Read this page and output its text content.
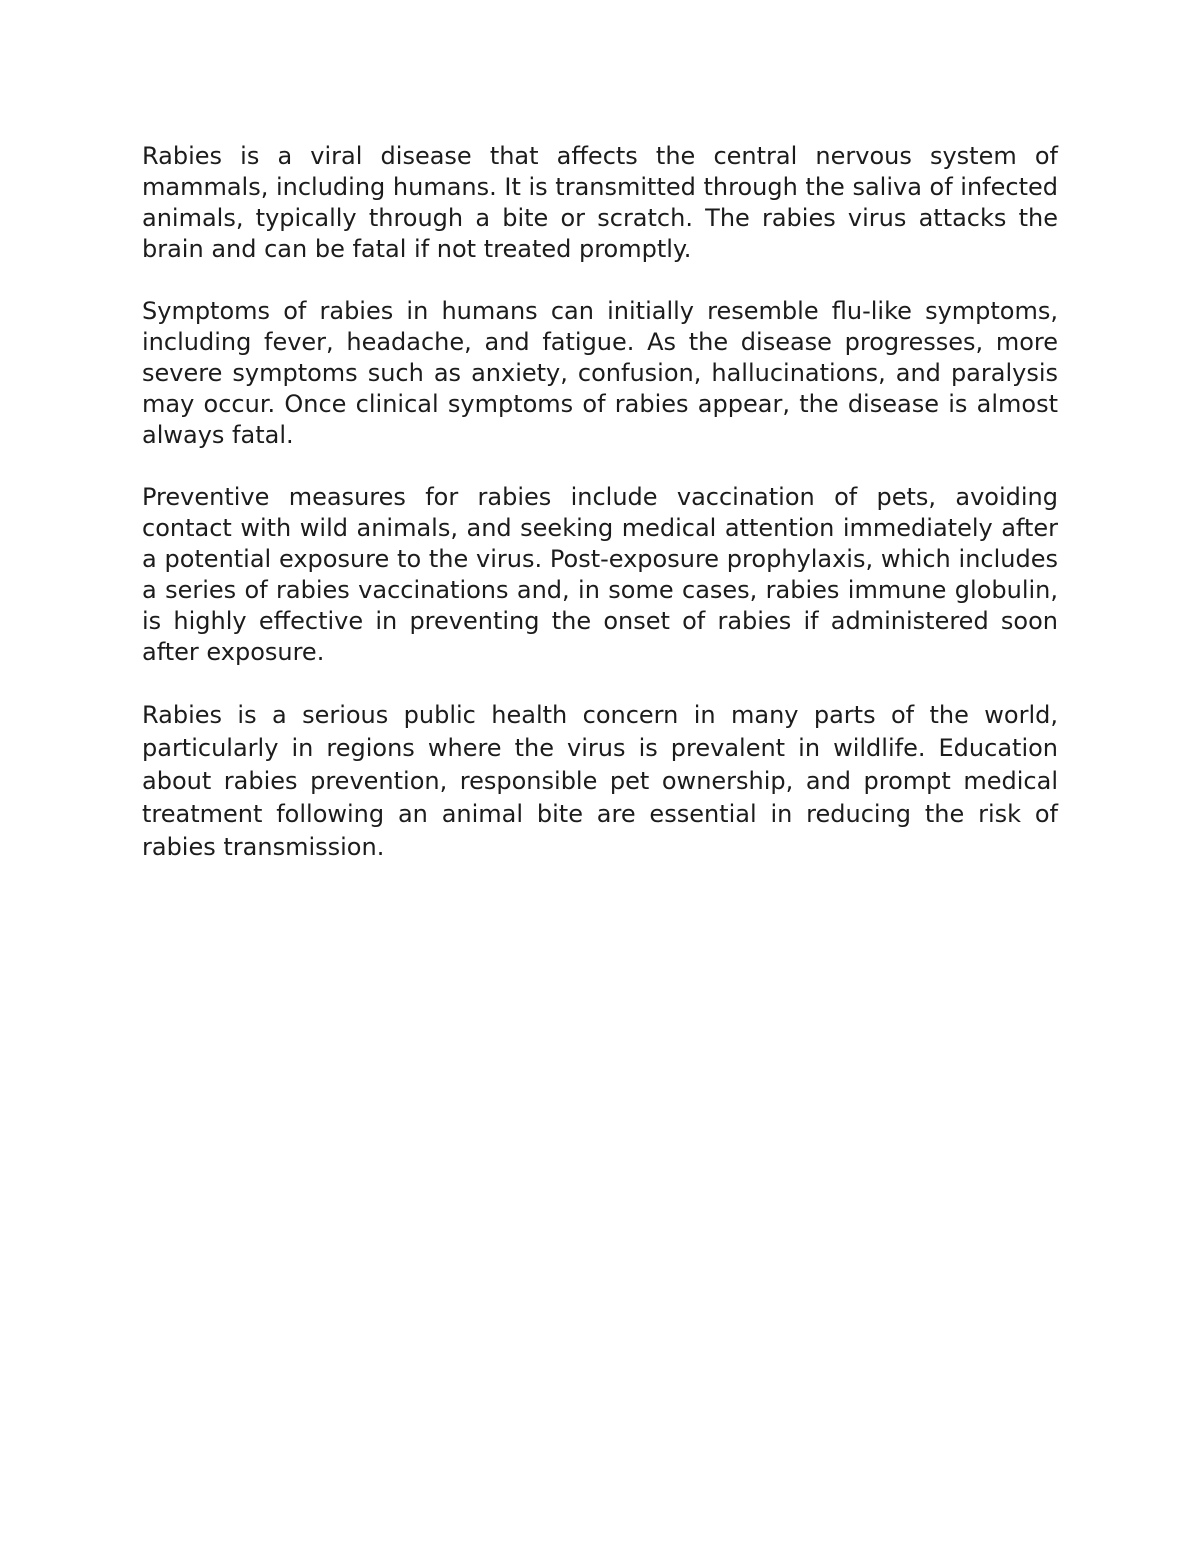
Rabies is a viral disease that affects the central nervous system of mammals, including humans. It is transmitted through the saliva of infected animals, typically through a bite or scratch. The rabies virus attacks the brain and can be fatal if not treated promptly.

Symptoms of rabies in humans can initially resemble flu-like symptoms, including fever, headache, and fatigue. As the disease progresses, more severe symptoms such as anxiety, confusion, hallucinations, and paralysis may occur. Once clinical symptoms of rabies appear, the disease is almost always fatal.

Preventive measures for rabies include vaccination of pets, avoiding contact with wild animals, and seeking medical attention immediately after a potential exposure to the virus. Post-exposure prophylaxis, which includes a series of rabies vaccinations and, in some cases, rabies immune globulin, is highly effective in preventing the onset of rabies if administered soon after exposure.

Rabies is a serious public health concern in many parts of the world, particularly in regions where the virus is prevalent in wildlife. Education about rabies prevention, responsible pet ownership, and prompt medical treatment following an animal bite are essential in reducing the risk of rabies transmission.
